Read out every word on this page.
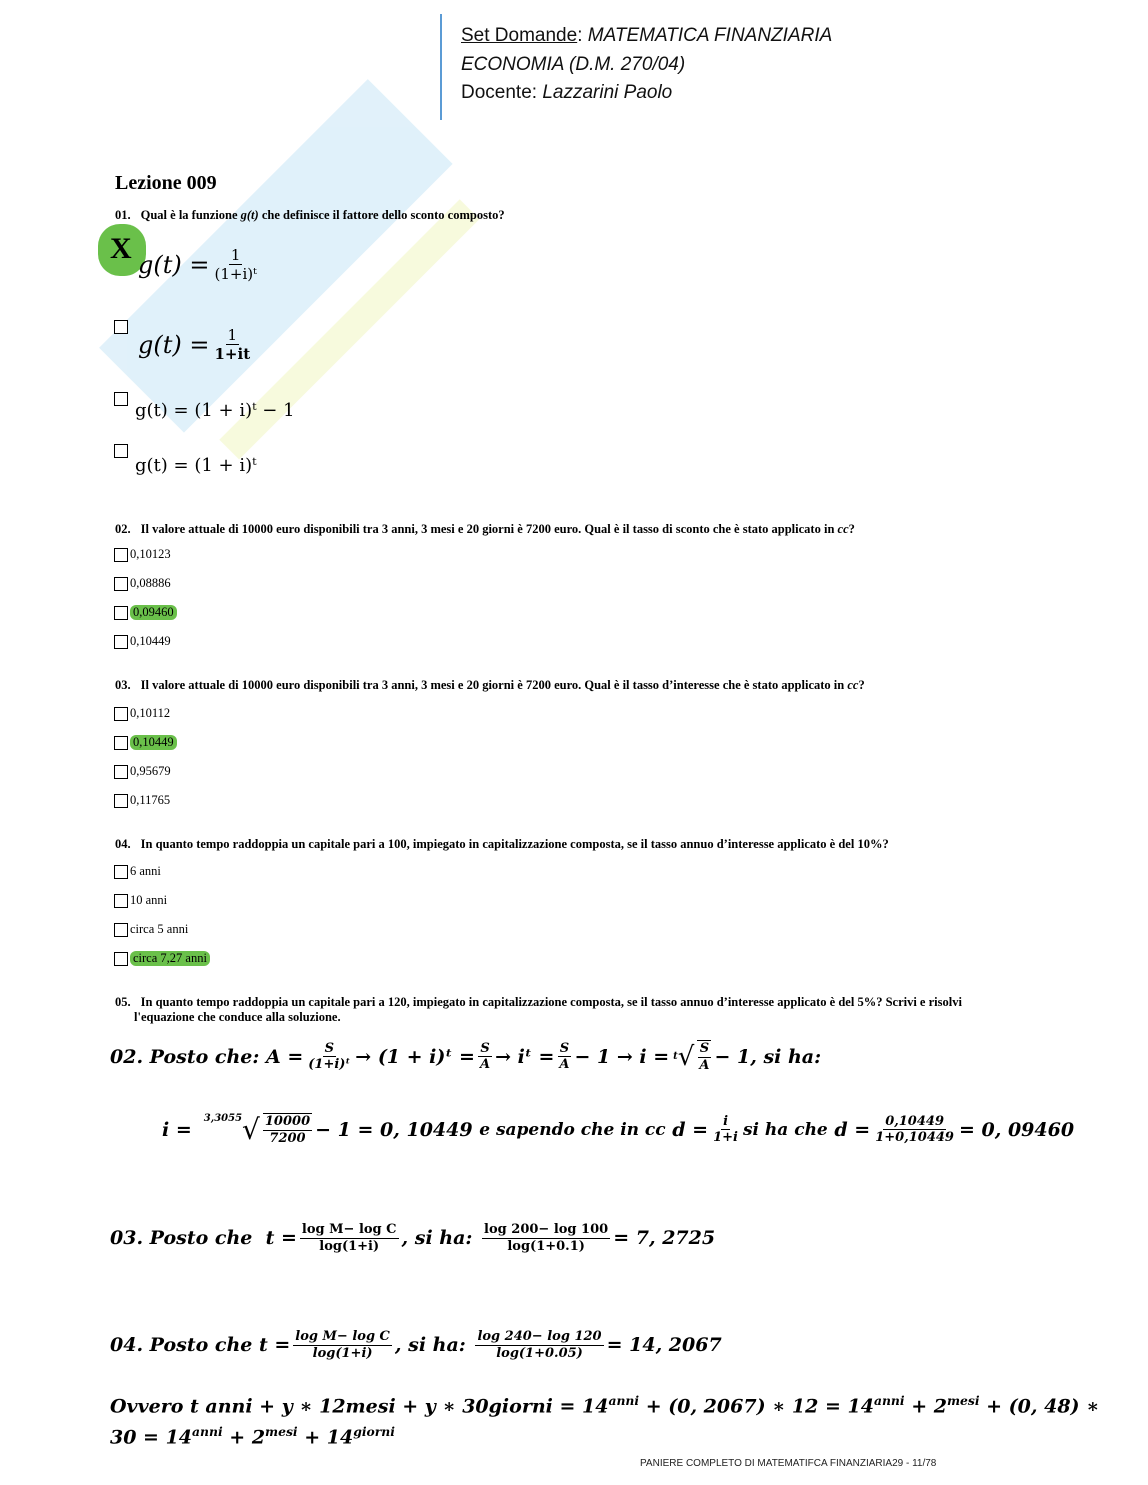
Set Domande: MATEMATICA FINANZIARIA
ECONOMIA (D.M. 270/04)
Docente: Lazzarini Paolo
Lezione 009
01. Qual è la funzione g(t) che definisce il fattore dello sconto composto?
X $g(t) = \frac{1}{\text{(1+i)ᵗ}}$
$g(t) = \frac{1}{1+it}$
g(t) = (1 + i)ᵗ − 1
g(t) = (1 + i)ᵗ
02. Il valore attuale di 10000 euro disponibili tra 3 anni, 3 mesi e 20 giorni è 7200 euro. Qual è il tasso di sconto che è stato applicato in cc?
0,10123
0,08886
0,09460
0,10449
03. Il valore attuale di 10000 euro disponibili tra 3 anni, 3 mesi e 20 giorni è 7200 euro. Qual è il tasso d’interesse che è stato applicato in cc?
0,10112
0,10449
0,95679
0,11765
04. In quanto tempo raddoppia un capitale pari a 100, impiegato in capitalizzazione composta, se il tasso annuo d’interesse applicato è del 10%?
6 anni
10 anni
circa 5 anni
circa 7,27 anni
05. In quanto tempo raddoppia un capitale pari a 120, impiegato in capitalizzazione composta, se il tasso annuo d’interesse applicato è del 5%? Scrivi e risolvi
l'equazione che conduce alla soluzione.
02. Posto che:
$A = \frac{S}{\text{(1+i)ᵗ}} \to (1$ + i)ᵗ = $\frac{S}{A}$ → iᵗ = $\frac{S}{A} - 1 \to i = t$ √ $\frac{S}{A} - 1$, si ha:
i =
$^{3,3055}$ √ $\frac{10000}{7200} - 1 = 0$, 10449
e sapendo che in cc
$d = \frac{i}{1+i}$ si ha che
$d = \frac{0,10449}{1+0,10449} = 0$, 09460
03. Posto che
$t = \frac{\text{log M− log C}}{\log(1+i)}$ , si ha:
$\frac{\log 200- \log 100}{\log(1+0.1)} = 7$, 2725
04. Posto che
$t = \frac{\text{log M− log C}}{\log(1+i)}$ , si ha:
$\frac{\log 240- \log 120}{\log(1+0.05)} = 14$, 2067
Ovvero t anni + y ∗ 12mesi + y ∗ 30giorni = $14^{anni} + (0$, 2067) ∗ $12 = 14^{anni} + 2^{mesi} + (0$, 48) ∗
$30 = 14^{anni} + 2^{mesi} + 14^{giorni}$
PANIERE COMPLETO DI MATEMATIFCA FINANZIARIA29 - 11/78
